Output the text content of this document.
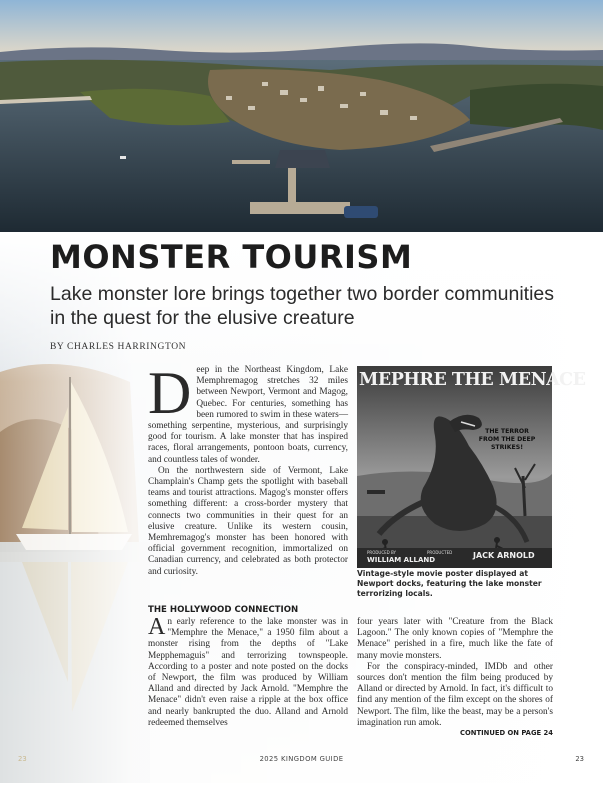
MONSTER TOURISM

Lake monster lore brings together two border communities in the quest for the elusive creature

BY CHARLES HARRINGTON

Deep in the Northeast Kingdom, Lake Memphremagog stretches 32 miles between Newport, Vermont and Magog, Quebec. For centuries, something has been rumored to swim in these waters—something serpentine, mysterious, and surprisingly good for tourism. A lake monster that has inspired races, floral arrangements, pontoon boats, currency, and countless tales of wonder.

On the northwestern side of Vermont, Lake Champlain's Champ gets the spotlight with baseball teams and tourist attractions. Magog's monster offers something different: a cross-border mystery that connects two communities in their quest for an elusive creature. Unlike its western cousin, Memhremagog's monster has been honored with official government recognition, immortalized on Canadian currency, and celebrated as both protector and curiosity.

MEPHRE THE MENACE
THE TERROR FROM THE DEEP STRIKES!
PRODUCED BY
WILLIAM ALLAND
PRODUCTED	JACK ARNOLD

Vintage-style movie poster displayed at Newport docks, featuring the lake monster terrorizing locals.

THE HOLLYWOOD CONNECTION

An early reference to the lake monster was in "Memphre the Menace," a 1950 film about a monster rising from the depths of "Lake Mepphemaguis" and terrorizing townspeople. According to a poster and note posted on the docks of Newport, the film was produced by William Alland and directed by Jack Arnold. "Memphre the Menace" didn't even raise a ripple at the box office and nearly bankrupted the duo. Alland and Arnold redeemed themselves

four years later with "Creature from the Black Lagoon." The only known copies of "Memphre the Menace" perished in a fire, much like the fate of many movie monsters.

For the conspiracy-minded, IMDb and other sources don't mention the film being produced by Alland or directed by Arnold. In fact, it's difficult to find any mention of the film except on the shores of Newport. The film, like the beast, may be a person's imagination run amok.

CONTINUED ON PAGE 24

2025 KINGDOM GUIDE

23	23
